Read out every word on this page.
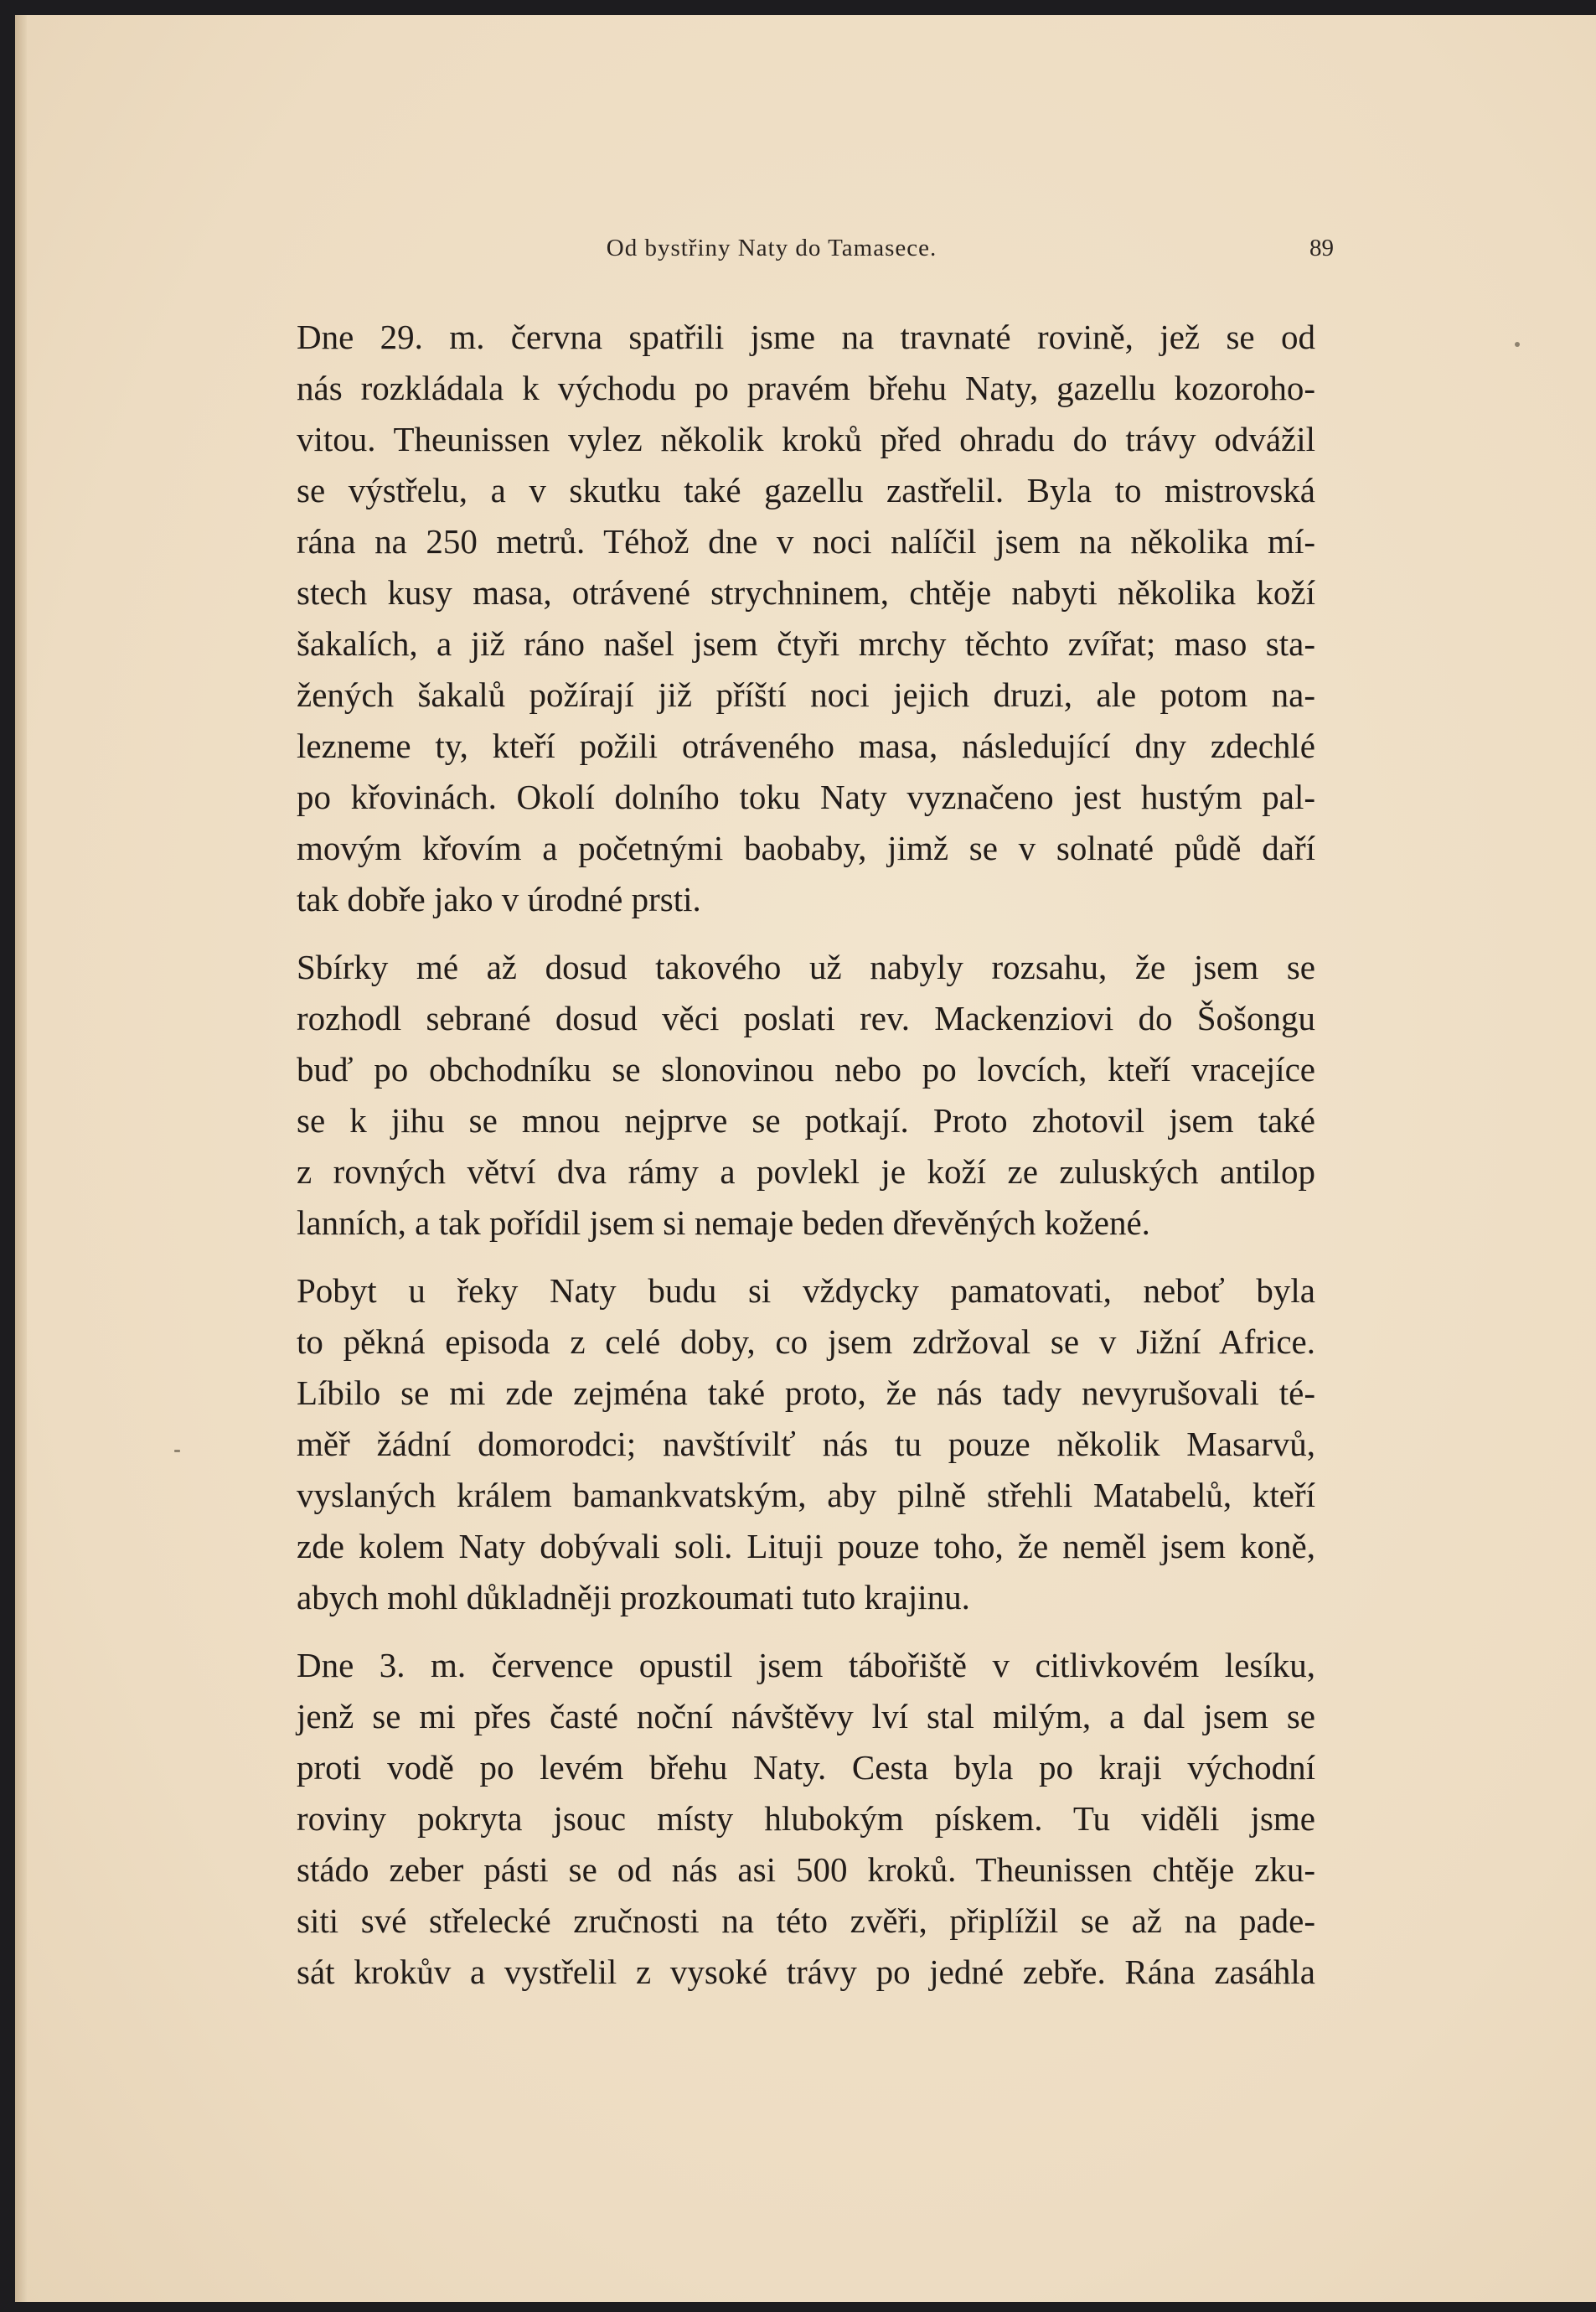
Od bystřiny Naty do Tamasece.	89
Dne 29. m. června spatřili jsme na travnaté rovině, jež se od
nás rozkládala k východu po pravém břehu Naty, gazellu kozoroho-
vitou. Theunissen vylez několik kroků před ohradu do trávy odvážil
se výstřelu, a v skutku také gazellu zastřelil. Byla to mistrovská
rána na 250 metrů. Téhož dne v noci nalíčil jsem na několika mí-
stech kusy masa, otrávené strychninem, chtěje nabyti několika koží
šakalích, a již ráno našel jsem čtyři mrchy těchto zvířat; maso sta-
žených šakalů požírají již příští noci jejich druzi, ale potom na-
lezneme ty, kteří požili otráveného masa, následující dny zdechlé
po křovinách. Okolí dolního toku Naty vyznačeno jest hustým pal-
movým křovím a početnými baobaby, jimž se v solnaté půdě daří
tak dobře jako v úrodné prsti.
Sbírky mé až dosud takového už nabyly rozsahu, že jsem se
rozhodl sebrané dosud věci poslati rev. Mackenziovi do Šošongu
buď po obchodníku se slonovinou nebo po lovcích, kteří vracejíce
se k jihu se mnou nejprve se potkají. Proto zhotovil jsem také
z rovných větví dva rámy a povlekl je koží ze zuluských antilop
lanních, a tak pořídil jsem si nemaje beden dřevěných kožené.
Pobyt u řeky Naty budu si vždycky pamatovati, neboť byla
to pěkná episoda z celé doby, co jsem zdržoval se v Jižní Africe.
Líbilo se mi zde zejména také proto, že nás tady nevyrušovali té-
měř žádní domorodci; navštívilť nás tu pouze několik Masarvů,
vyslaných králem bamankvatským, aby pilně střehli Matabelů, kteří
zde kolem Naty dobývali soli. Lituji pouze toho, že neměl jsem koně,
abych mohl důkladněji prozkoumati tuto krajinu.
Dne 3. m. července opustil jsem tábořiště v citlivkovém lesíku,
jenž se mi přes časté noční návštěvy lví stal milým, a dal jsem se
proti vodě po levém břehu Naty. Cesta byla po kraji východní
roviny pokryta jsouc místy hlubokým pískem. Tu viděli jsme
stádo zeber pásti se od nás asi 500 kroků. Theunissen chtěje zku-
siti své střelecké zručnosti na této zvěři, připlížil se až na pade-
sát krokův a vystřelil z vysoké trávy po jedné zebře. Rána zasáhla
